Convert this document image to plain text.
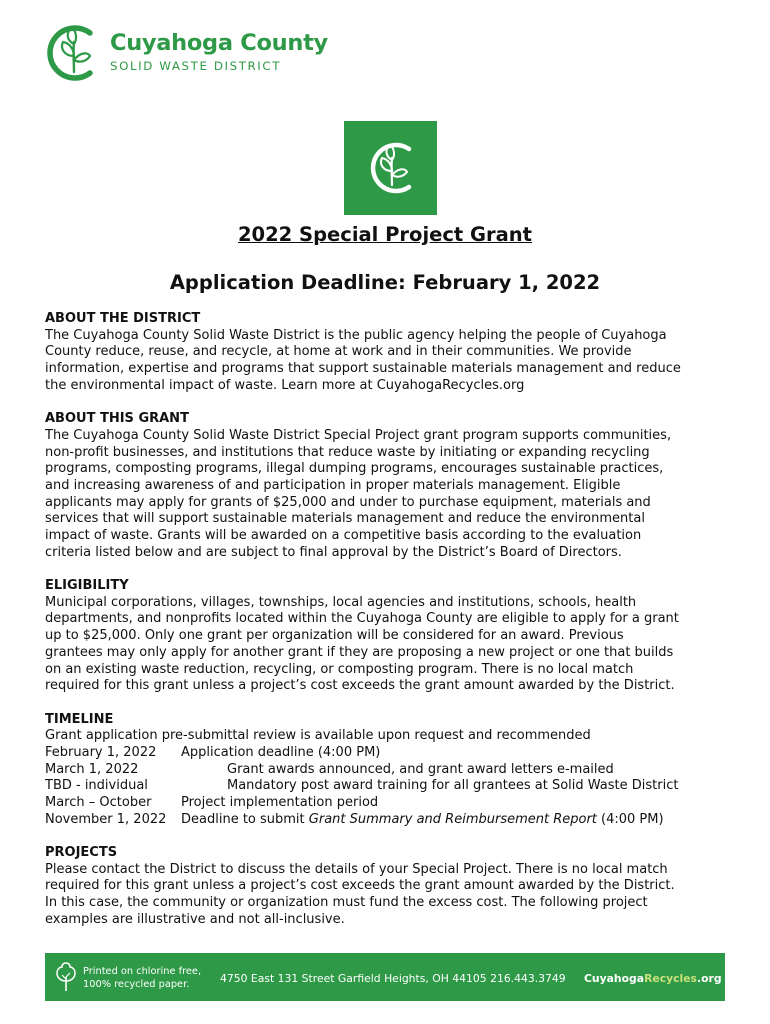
Cuyahoga County
SOLID WASTE DISTRICT
2022 Special Project Grant
Application Deadline: February 1, 2022
ABOUT THE DISTRICT
The Cuyahoga County Solid Waste District is the public agency helping the people of Cuyahoga
County reduce, reuse, and recycle, at home at work and in their communities. We provide
information, expertise and programs that support sustainable materials management and reduce
the environmental impact of waste. Learn more at CuyahogaRecycles.org
ABOUT THIS GRANT
The Cuyahoga County Solid Waste District Special Project grant program supports communities,
non-profit businesses, and institutions that reduce waste by initiating or expanding recycling
programs, composting programs, illegal dumping programs, encourages sustainable practices,
and increasing awareness of and participation in proper materials management. Eligible
applicants may apply for grants of $25,000 and under to purchase equipment, materials and
services that will support sustainable materials management and reduce the environmental
impact of waste. Grants will be awarded on a competitive basis according to the evaluation
criteria listed below and are subject to final approval by the District’s Board of Directors.
ELIGIBILITY
Municipal corporations, villages, townships, local agencies and institutions, schools, health
departments, and nonprofits located within the Cuyahoga County are eligible to apply for a grant
up to $25,000. Only one grant per organization will be considered for an award. Previous
grantees may only apply for another grant if they are proposing a new project or one that builds
on an existing waste reduction, recycling, or composting program. There is no local match
required for this grant unless a project’s cost exceeds the grant amount awarded by the District.
TIMELINE
Grant application pre-submittal review is available upon request and recommended
February 1, 2022	Application deadline (4:00 PM)
March 1, 2022	Grant awards announced, and grant award letters e-mailed
TBD - individual	Mandatory post award training for all grantees at Solid Waste District
March – October	Project implementation period
November 1, 2022	Deadline to submit Grant Summary and Reimbursement Report (4:00 PM)
PROJECTS
Please contact the District to discuss the details of your Special Project. There is no local match
required for this grant unless a project’s cost exceeds the grant amount awarded by the District.
In this case, the community or organization must fund the excess cost. The following project
examples are illustrative and not all-inclusive.
Printed on chlorine free,
100% recycled paper.	4750 East 131 Street Garfield Heights, OH 44105 216.443.3749 CuyahogaRecycles.org
